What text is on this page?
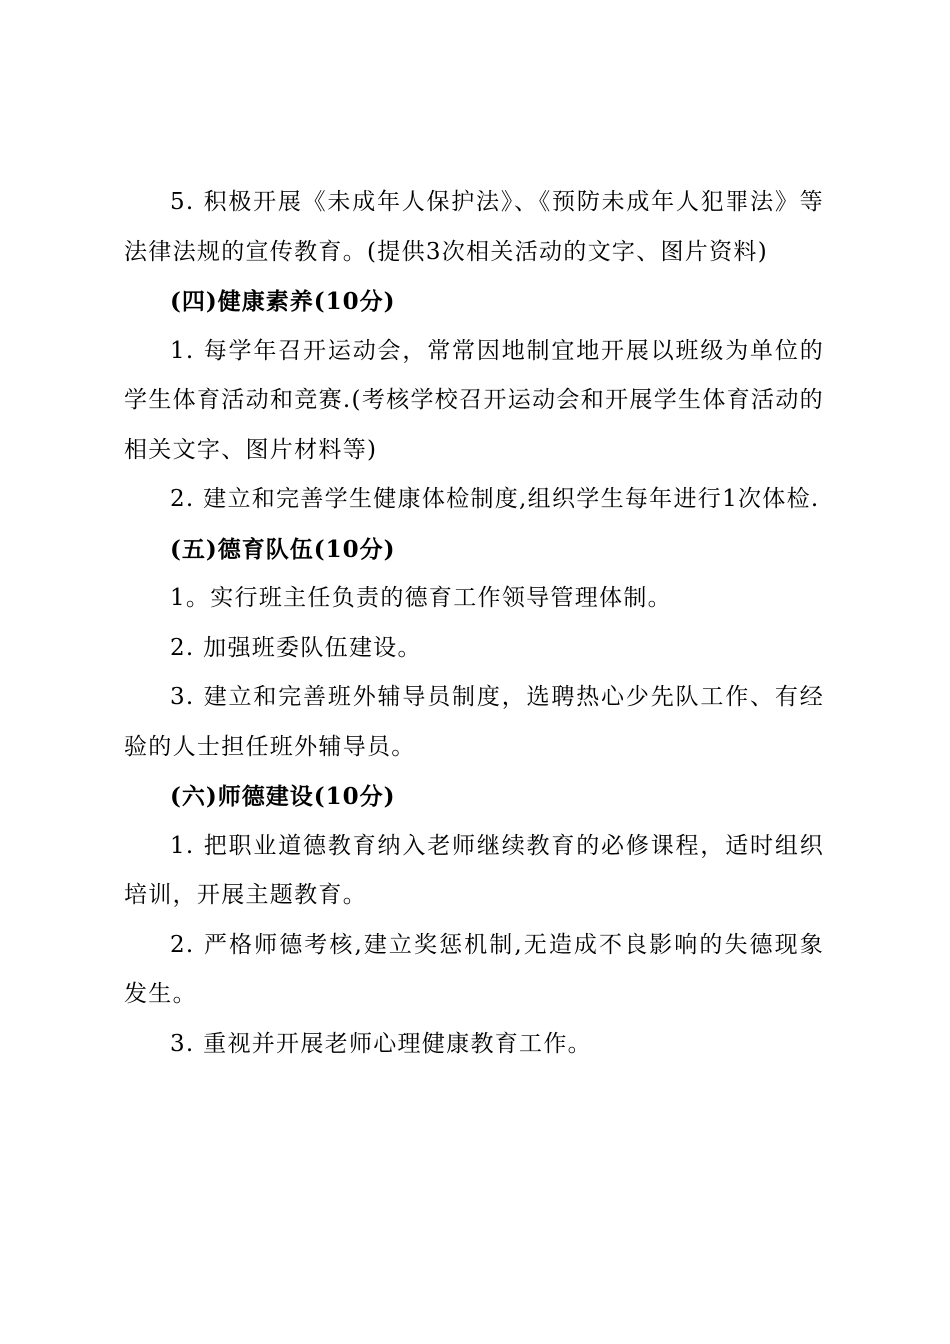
5. 积极开展《未成年人保护法》、《预防未成年人犯罪法》等法律法规的宣传教育。(提供3次相关活动的文字、图片资料)

(四)健康素养(10分)

1. 每学年召开运动会，常常因地制宜地开展以班级为单位的学生体育活动和竞赛.(考核学校召开运动会和开展学生体育活动的相关文字、图片材料等)

2. 建立和完善学生健康体检制度,组织学生每年进行1次体检.

(五)德育队伍(10分)

1。实行班主任负责的德育工作领导管理体制。

2. 加强班委队伍建设。

3. 建立和完善班外辅导员制度，选聘热心少先队工作、有经验的人士担任班外辅导员。

(六)师德建设(10分)

1. 把职业道德教育纳入老师继续教育的必修课程，适时组织培训，开展主题教育。

2. 严格师德考核,建立奖惩机制,无造成不良影响的失德现象发生。

3. 重视并开展老师心理健康教育工作。
